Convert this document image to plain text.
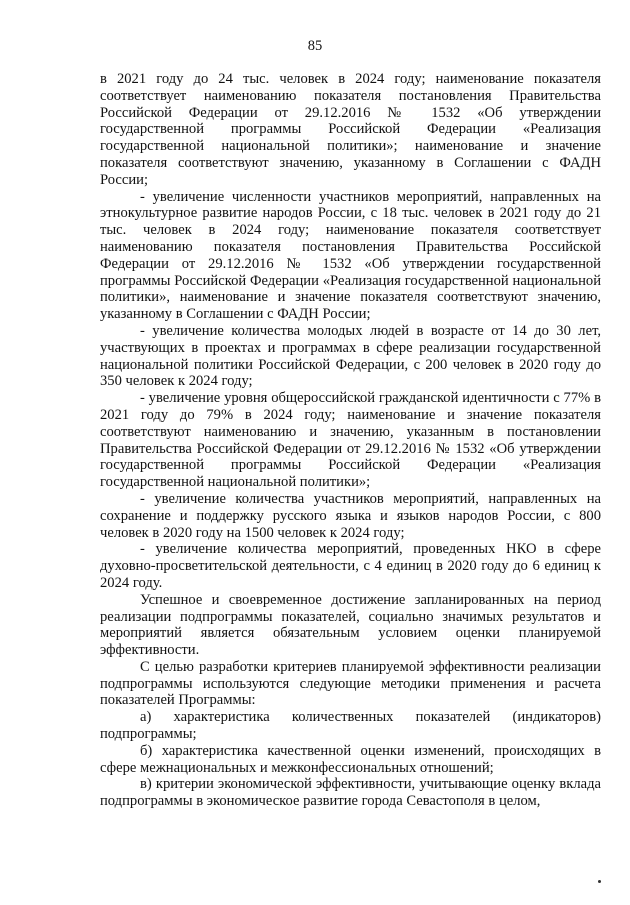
85

в 2021 году до 24 тыс. человек в 2024 году; наименование показателя соответствует наименованию показателя постановления Правительства Российской Федерации от 29.12.2016 № 1532 «Об утверждении государственной программы Российской Федерации «Реализация государственной национальной политики»; наименование и значение показателя соответствуют значению, указанному в Соглашении с ФАДН России;

- увеличение численности участников мероприятий, направленных на этнокультурное развитие народов России, с 18 тыс. человек в 2021 году до 21 тыс. человек в 2024 году; наименование показателя соответствует наименованию показателя постановления Правительства Российской Федерации от 29.12.2016 № 1532 «Об утверждении государственной программы Российской Федерации «Реализация государственной национальной политики», наименование и значение показателя соответствуют значению, указанному в Соглашении с ФАДН России;

- увеличение количества молодых людей в возрасте от 14 до 30 лет, участвующих в проектах и программах в сфере реализации государственной национальной политики Российской Федерации, с 200 человек в 2020 году до 350 человек к 2024 году;

- увеличение уровня общероссийской гражданской идентичности с 77% в 2021 году до 79% в 2024 году; наименование и значение показателя соответствуют наименованию и значению, указанным в постановлении Правительства Российской Федерации от 29.12.2016 № 1532 «Об утверждении государственной программы Российской Федерации «Реализация государственной национальной политики»;

- увеличение количества участников мероприятий, направленных на сохранение и поддержку русского языка и языков народов России, с 800 человек в 2020 году на 1500 человек к 2024 году;

- увеличение количества мероприятий, проведенных НКО в сфере духовно-просветительской деятельности, с 4 единиц в 2020 году до 6 единиц к 2024 году.

Успешное и своевременное достижение запланированных на период реализации подпрограммы показателей, социально значимых результатов и мероприятий является обязательным условием оценки планируемой эффективности.

С целью разработки критериев планируемой эффективности реализации подпрограммы используются следующие методики применения и расчета показателей Программы:

а) характеристика количественных показателей (индикаторов) подпрограммы;

б) характеристика качественной оценки изменений, происходящих в сфере межнациональных и межконфессиональных отношений;

в) критерии экономической эффективности, учитывающие оценку вклада подпрограммы в экономическое развитие города Севастополя в целом,
